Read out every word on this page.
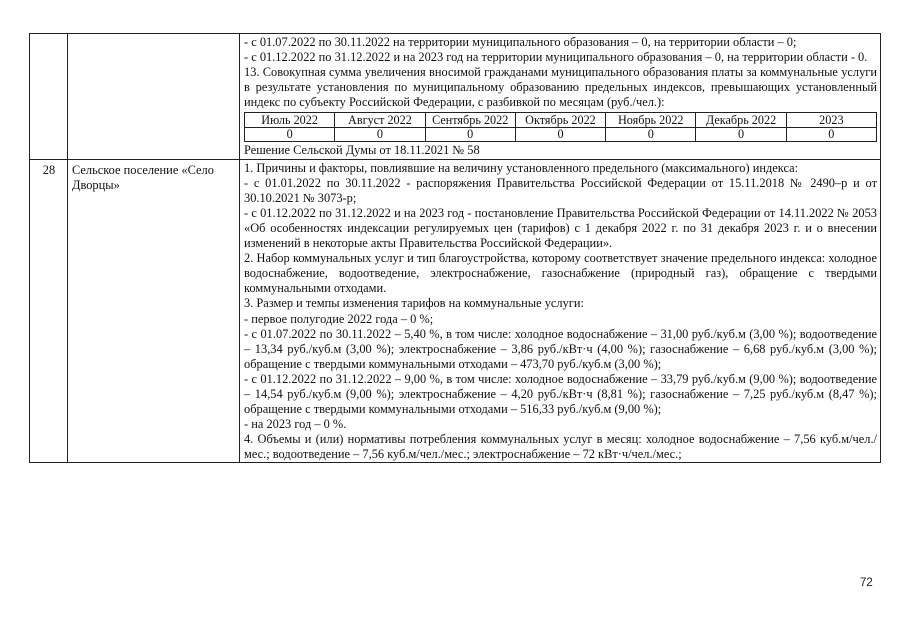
- с 01.07.2022 по 30.11.2022 на территории муниципального образования – 0, на территории области – 0;

- с 01.12.2022 по 31.12.2022 и на 2023 год на территории муниципального образования – 0, на территории области - 0.

13. Совокупная сумма увеличения вносимой гражданами муниципального образования платы за коммунальные услуги в результате установления по муниципальному образованию предельных индексов, превышающих установленный индекс по субъекту Российской Федерации, с разбивкой по месяцам (руб./чел.):

Июль 2022	Август 2022	Сентябрь 2022	Октябрь 2022	Ноябрь 2022	Декабрь 2022	2023
0	0	0	0	0	0	0

Решение Сельской Думы от 18.11.2021 № 58

28	Сельское поселение «Село Дворцы»	

1. Причины и факторы, повлиявшие на величину установленного предельного (максимального) индекса:

- с 01.01.2022 по 30.11.2022 - распоряжения Правительства Российской Федерации от 15.11.2018 № 2490–р и от 30.10.2021 № 3073-р;

- с 01.12.2022 по 31.12.2022 и на 2023 год - постановление Правительства Российской Федерации от 14.11.2022 № 2053 «Об особенностях индексации регулируемых цен (тарифов) с 1 декабря 2022 г. по 31 декабря 2023 г. и о внесении изменений в некоторые акты Правительства Российской Федерации».

2. Набор коммунальных услуг и тип благоустройства, которому соответствует значение предельного индекса: холодное водоснабжение, водоотведение, электроснабжение, газоснабжение (природный газ), обращение с твердыми коммунальными отходами.

3. Размер и темпы изменения тарифов на коммунальные услуги:

- первое полугодие 2022 года – 0 %;

- с 01.07.2022 по 30.11.2022 – 5,40 %, в том числе: холодное водоснабжение – 31,00 руб./куб.м (3,00 %); водоотведение – 13,34 руб./куб.м (3,00 %); электроснабжение – 3,86 руб./кВт·ч (4,00 %); газоснабжение – 6,68 руб./куб.м (3,00 %); обращение с твердыми коммунальными отходами – 473,70 руб./куб.м (3,00 %);

- с 01.12.2022 по 31.12.2022 – 9,00 %, в том числе: холодное водоснабжение – 33,79 руб./куб.м (9,00 %); водоотведение – 14,54 руб./куб.м (9,00 %); электроснабжение – 4,20 руб./кВт·ч (8,81 %); газоснабжение – 7,25 руб./куб.м (8,47 %); обращение с твердыми коммунальными отходами – 516,33 руб./куб.м (9,00 %);

- на 2023 год – 0 %.

4. Объемы и (или) нормативы потребления коммунальных услуг в месяц: холодное водоснабжение – 7,56 куб.м/чел./мес.; водоотведение – 7,56 куб.м/чел./мес.; электроснабжение – 72 кВт·ч/чел./мес.;

72
